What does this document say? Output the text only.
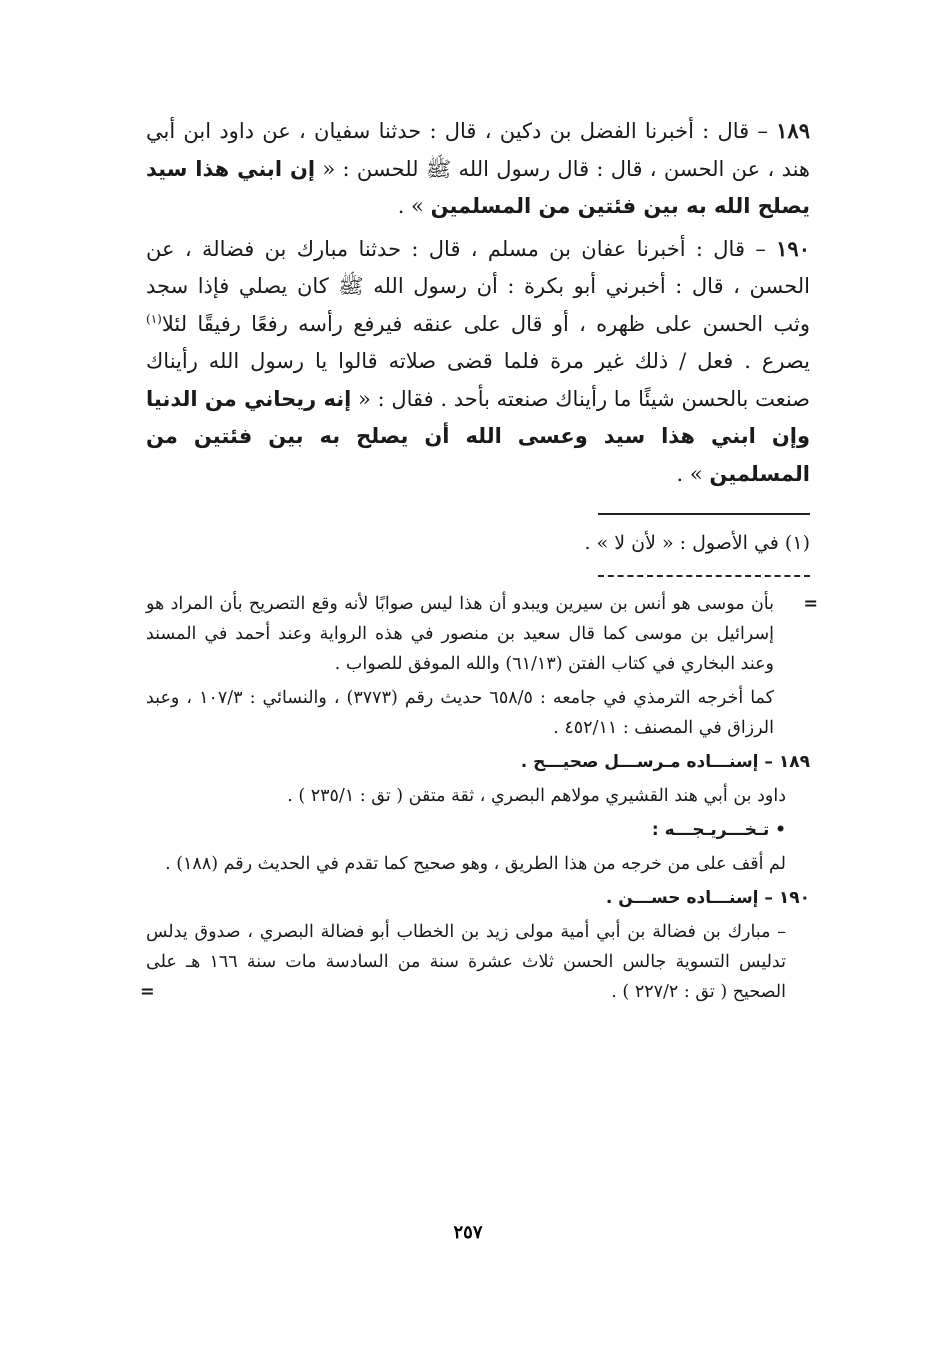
١٨٩ – قال : أخبرنا الفضل بن دكين ، قال : حدثنا سفيان ، عن داود ابن أبي هند ، عن الحسن ، قال : قال رسول الله ﷺ للحسن : « إن ابني هذا سيد يصلح الله به بين فئتين من المسلمين » .

١٩٠ – قال : أخبرنا عفان بن مسلم ، قال : حدثنا مبارك بن فضالة ، عن الحسن ، قال : أخبرني أبو بكرة : أن رسول الله ﷺ كان يصلي فإذا سجد وثب الحسن على ظهره ، أو قال على عنقه فيرفع رأسه رفعًا رفيقًا لئلا$^{(١)}$ يصرع . فعل / ذلك غير مرة فلما قضى صلاته قالوا يا رسول الله رأيناك صنعت بالحسن شيئًا ما رأيناك صنعته بأحد . فقال : « إنه ريحاني من الدنيا وإن ابني هذا سيد وعسى الله أن يصلح به بين فئتين من المسلمين » .

(١) في الأصول : « لأن لا » .

=
بأن موسى هو أنس بن سيرين ويبدو أن هذا ليس صوابًا لأنه وقع التصريح بأن المراد هو إسرائيل بن موسى كما قال سعيد بن منصور في هذه الرواية وعند أحمد في المسند وعند البخاري في كتاب الفتن (٦١/١٣) والله الموفق للصواب .

كما أخرجه الترمذي في جامعه : ٦٥٨/٥ حديث رقم (٣٧٧٣) ، والنسائي : ١٠٧/٣ ، وعبد الرزاق في المصنف : ٤٥٢/١١ .

١٨٩ – إسنـــاده مـرســـل صحيـــح .

داود بن أبي هند القشيري مولاهم البصري ، ثقة متقن ( تق : ٢٣٥/١ ) .

• تـخـــريـجـــه :

لم أقف على من خرجه من هذا الطريق ، وهو صحيح كما تقدم في الحديث رقم (١٨٨) .

١٩٠ – إسنـــاده حســـن .

– مبارك بن فضالة بن أبي أمية مولى زيد بن الخطاب أبو فضالة البصري ، صدوق يدلس تدليس التسوية جالس الحسن ثلاث عشرة سنة من السادسة مات سنة ١٦٦ هـ على الصحيح ( تق : ٢٢٧/٢ ) .
=

٢٥٧
